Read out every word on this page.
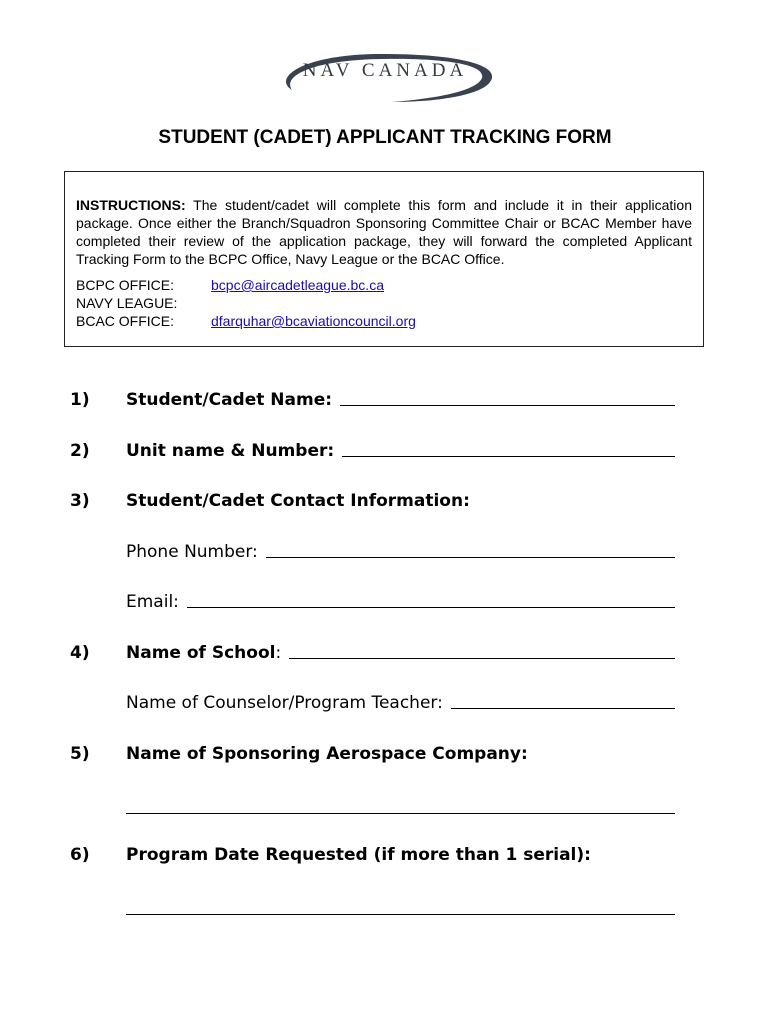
NAV CANADA
STUDENT (CADET) APPLICANT TRACKING FORM

INSTRUCTIONS: The student/cadet will complete this form and include it in their application package. Once either the Branch/Squadron Sponsoring Committee Chair or BCAC Member have completed their review of the application package, they will forward the completed Applicant Tracking Form to the BCPC Office, Navy League or the BCAC Office.

BCPC OFFICE:	bcpc@aircadetleague.bc.ca
NAVY LEAGUE:
BCAC OFFICE:	dfarquhar@bcaviationcouncil.org
1)	Student/Cadet Name:
2)	Unit name & Number:
3)	Student/Cadet Contact Information:
Phone Number:
Email:
4)	Name of School:
Name of Counselor/Program Teacher:
5)	Name of Sponsoring Aerospace Company:
6)	Program Date Requested (if more than 1 serial):
